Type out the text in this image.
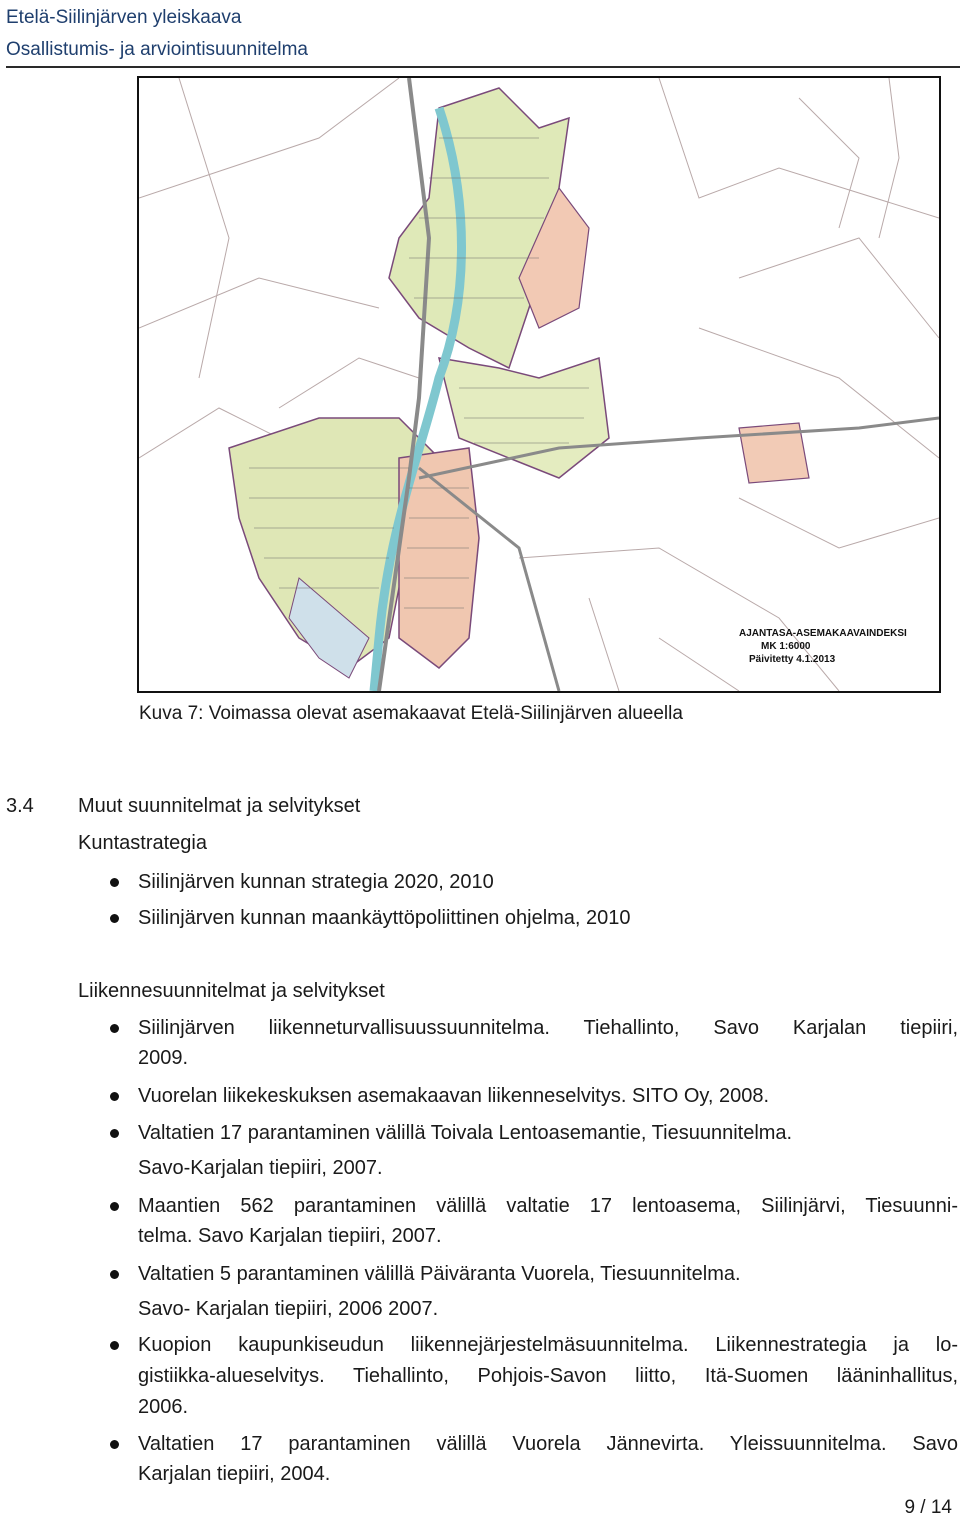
Etelä-Siilinjärven yleiskaava
Osallistumis- ja arviointisuunnitelma
AJANTASA-ASEMAKAAVAINDEKSI
MK 1:6000
Päivitetty 4.1.2013
Kuva 7: Voimassa olevat asemakaavat Etelä-Siilinjärven alueella
3.4 Muut suunnitelmat ja selvitykset
Kuntastrategia
Siilinjärven kunnan strategia 2020, 2010
Siilinjärven kunnan maankäyttöpoliittinen ohjelma, 2010
Liikennesuunnitelmat ja selvitykset
Siilinjärven liikenneturvallisuussuunnitelma. Tiehallinto, Savo Karjalan tiepiiri,
2009.
Vuorelan liikekeskuksen asemakaavan liikenneselvitys. SITO Oy, 2008.
Valtatien 17 parantaminen välillä Toivala Lentoasemantie, Tiesuunnitelma.
Savo-Karjalan tiepiiri, 2007.
Maantien 562 parantaminen välillä valtatie 17 lentoasema, Siilinjärvi, Tiesuunni-
telma. Savo Karjalan tiepiiri, 2007.
Valtatien 5 parantaminen välillä Päiväranta Vuorela, Tiesuunnitelma.
Savo- Karjalan tiepiiri, 2006 2007.
Kuopion kaupunkiseudun liikennejärjestelmäsuunnitelma. Liikennestrategia ja lo-
gistiikka-alueselvitys. Tiehallinto, Pohjois-Savon liitto, Itä-Suomen lääninhallitus,
2006.
Valtatien 17 parantaminen välillä Vuorela Jännevirta. Yleissuunnitelma. Savo
Karjalan tiepiiri, 2004.
9 / 14
